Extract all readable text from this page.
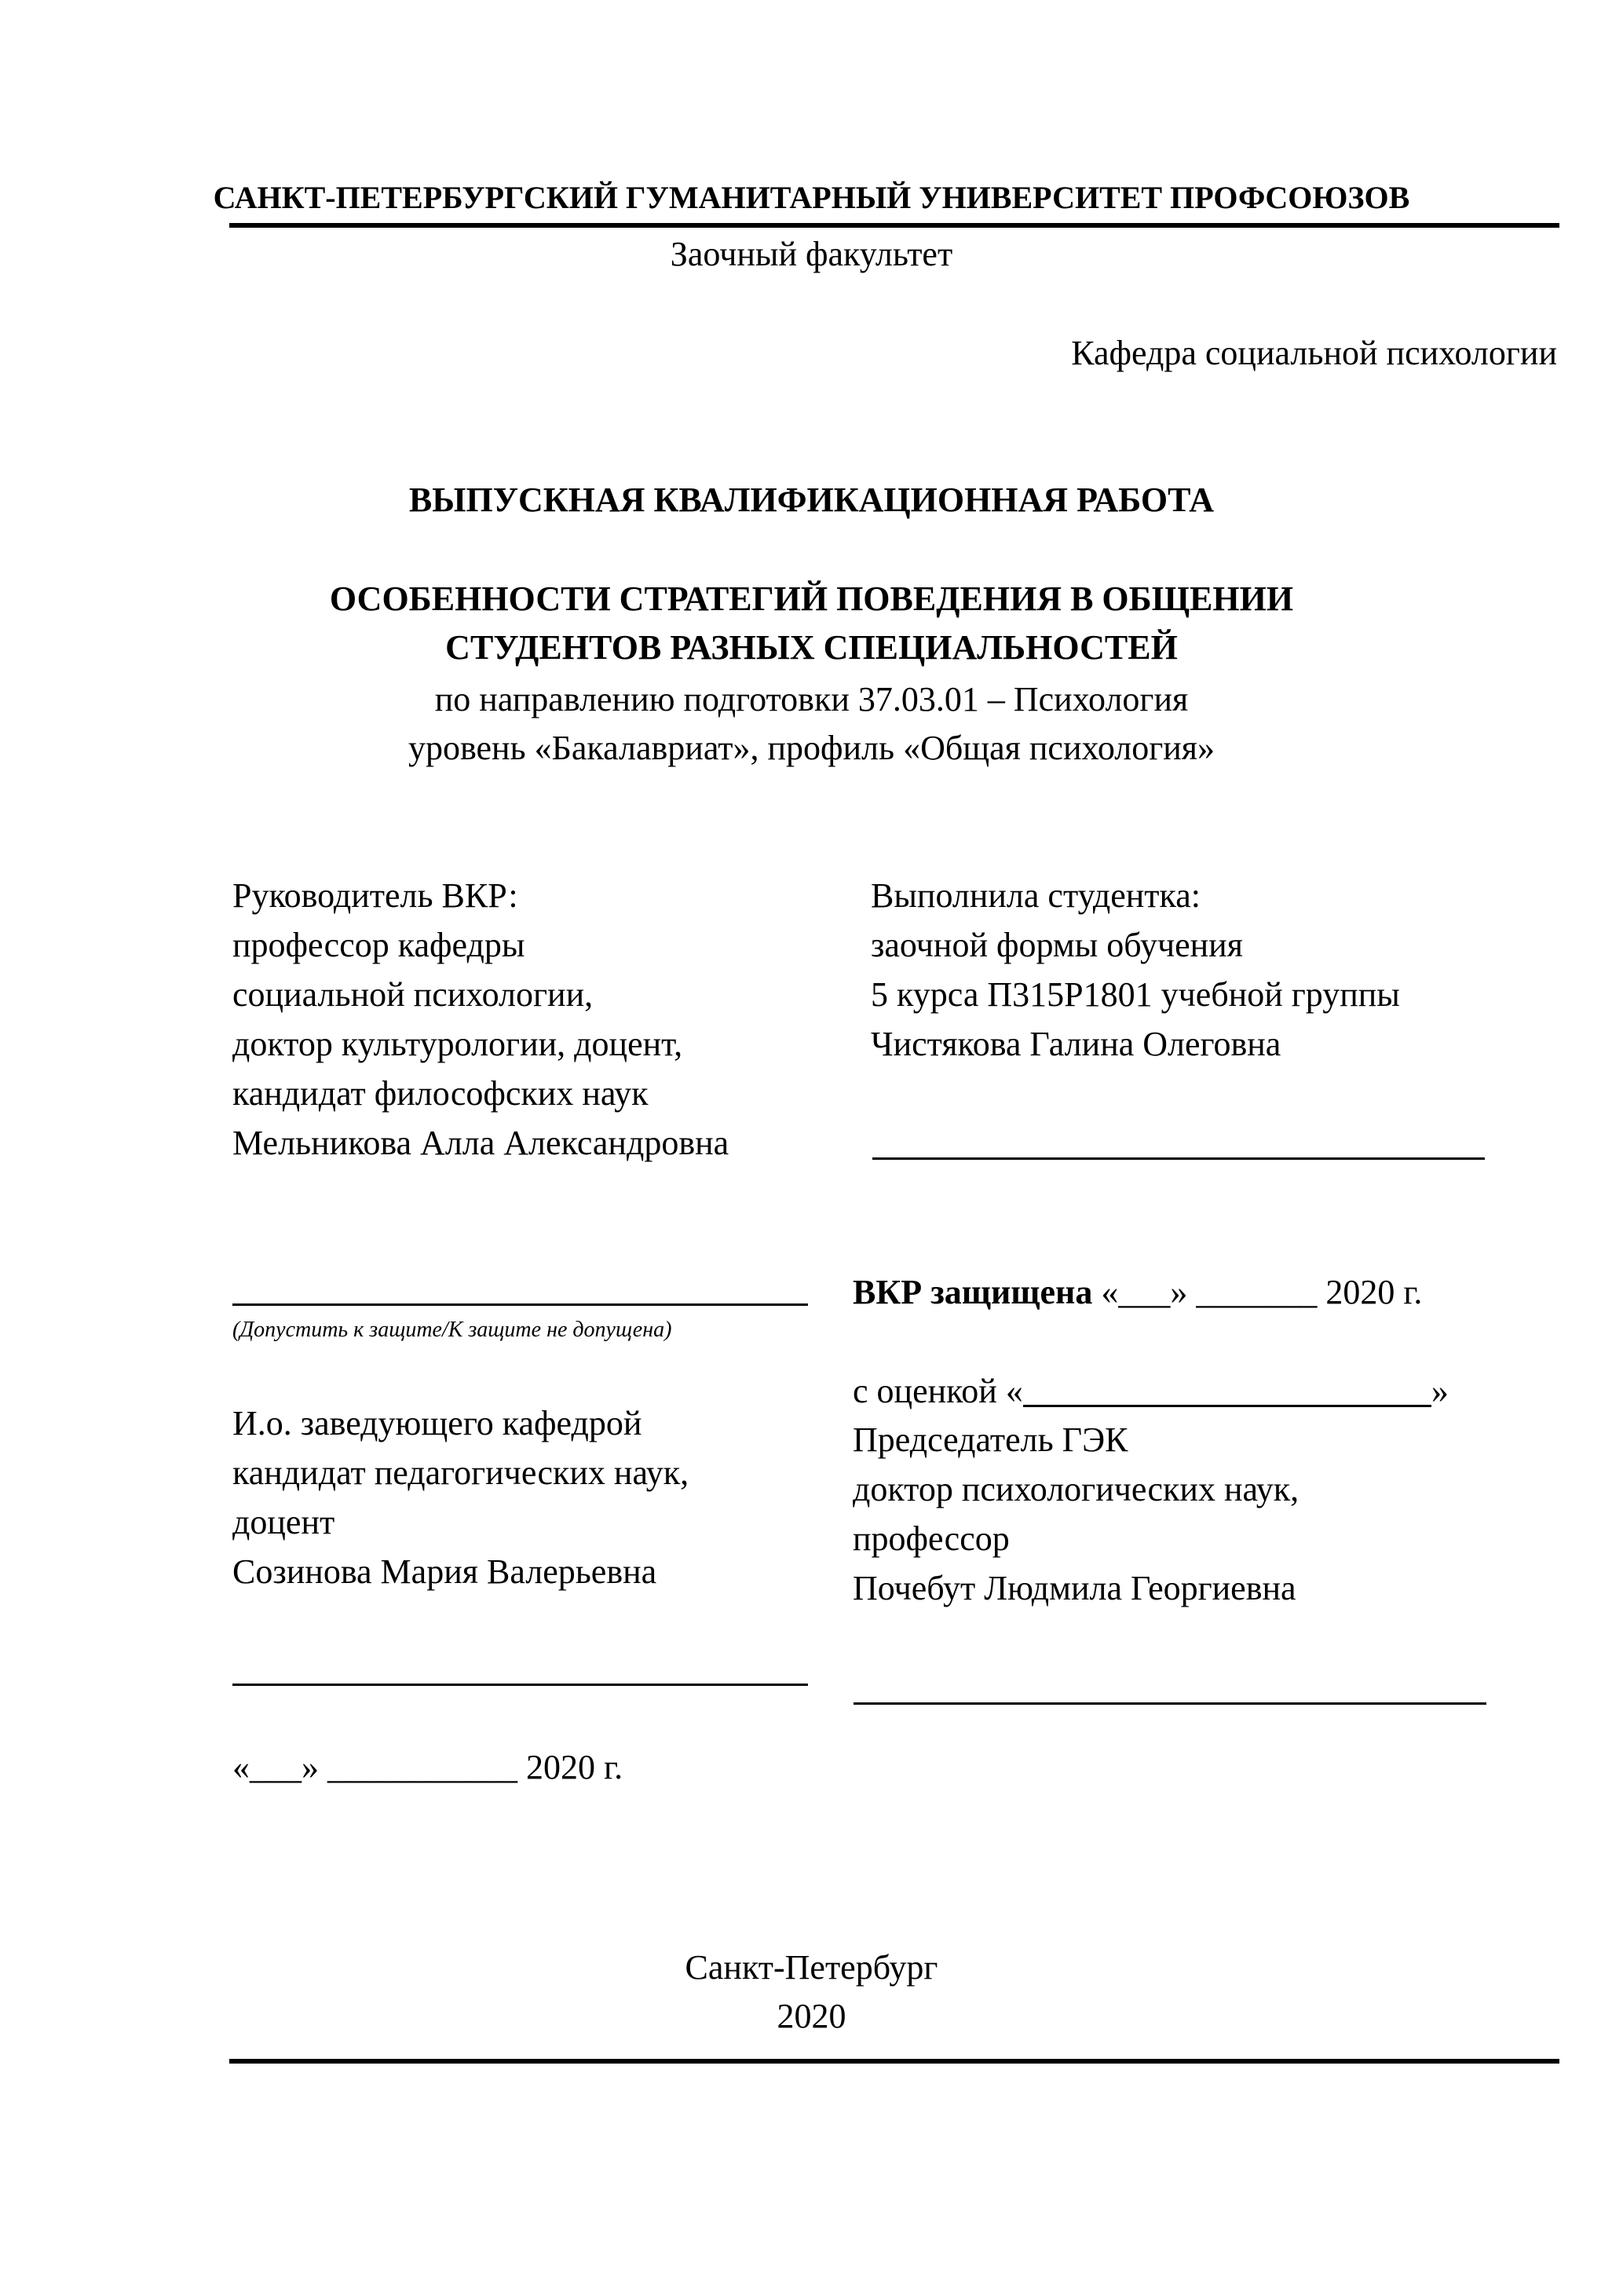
САНКТ-ПЕТЕРБУРГСКИЙ ГУМАНИТАРНЫЙ УНИВЕРСИТЕТ ПРОФСОЮЗОВ
Заочный факультет
Кафедра социальной психологии
ВЫПУСКНАЯ КВАЛИФИКАЦИОННАЯ РАБОТА
ОСОБЕННОСТИ СТРАТЕГИЙ ПОВЕДЕНИЯ В ОБЩЕНИИ
СТУДЕНТОВ РАЗНЫХ СПЕЦИАЛЬНОСТЕЙ
по направлению подготовки 37.03.01 – Психология
уровень «Бакалавриат», профиль «Общая психология»
Руководитель ВКР:
профессор кафедры
социальной психологии,
доктор культурологии, доцент,
кандидат философских наук
Мельникова Алла Александровна
Выполнила студентка:
заочной формы обучения
5 курса П315Р1801 учебной группы
Чистякова Галина Олеговна
(Допустить к защите/К защите не допущена)
ВКР защищена «___» _______ 2020 г.
с оценкой «	»
Председатель ГЭК
доктор психологических наук,
профессор
Почебут Людмила Георгиевна
И.о. заведующего кафедрой
кандидат педагогических наук,
доцент
Созинова Мария Валерьевна
«___» ___________ 2020 г.
Санкт-Петербург
2020
